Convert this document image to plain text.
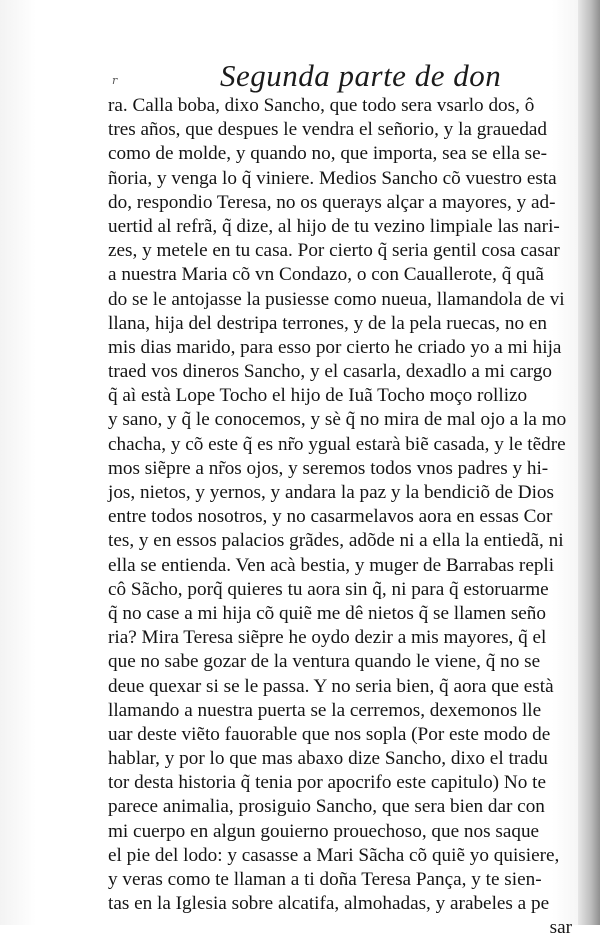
r	Segunda parte de don
ra. Calla boba, dixo Sancho, que todo sera vsarlo dos, ô
tres años, que despues le vendra el señorio, y la grauedad
como de molde, y quando no, que importa, sea se ella se-
ñoria, y venga lo q̃ viniere. Medios Sancho cõ vuestro esta
do, respondio Teresa, no os querays alçar a mayores, y ad-
uertid al refrã, q̃ dize, al hijo de tu vezino limpiale las nari-
zes, y metele en tu casa. Por cierto q̃ seria gentil cosa casar
a nuestra Maria cõ vn Condazo, o con Cauallerote, q̃ quã
do se le antojasse la pusiesse como nueua, llamandola de vi
llana, hija del destripa terrones, y de la pela ruecas, no en
mis dias marido, para esso por cierto he criado yo a mi hija
traed vos dineros Sancho, y el casarla, dexadlo a mi cargo
q̃ aì està Lope Tocho el hijo de Iuã Tocho moço rollizo
y sano, y q̃ le conocemos, y sè q̃ no mira de mal ojo a la mo
chacha, y cõ este q̃ es nr̃o ygual estarà biẽ casada, y le tẽdre
mos siẽpre a nr̃os ojos, y seremos todos vnos padres y hi-
jos, nietos, y yernos, y andara la paz y la bendiciõ de Dios
entre todos nosotros, y no casarmelavos aora en essas Cor
tes, y en essos palacios grãdes, adõde ni a ella la entiedã, ni
ella se entienda. Ven acà bestia, y muger de Barrabas repli
cô Sãcho, porq̃ quieres tu aora sin q̃, ni para q̃ estoruarme
q̃ no case a mi hija cõ quiẽ me dê nietos q̃ se llamen seño
ria? Mira Teresa siẽpre he oydo dezir a mis mayores, q̃ el
que no sabe gozar de la ventura quando le viene, q̃ no se
deue quexar si se le passa. Y no seria bien, q̃ aora que està
llamando a nuestra puerta se la cerremos, dexemonos lle
uar deste viẽto fauorable que nos sopla (Por este modo de
hablar, y por lo que mas abaxo dize Sancho, dixo el tradu
tor desta historia q̃ tenia por apocrifo este capitulo) No te
parece animalia, prosiguio Sancho, que sera bien dar con
mi cuerpo en algun gouierno prouechoso, que nos saque
el pie del lodo: y casasse a Mari Sãcha cõ quiẽ yo quisiere,
y veras como te llaman a ti doña Teresa Pança, y te sien-
tas en la Iglesia sobre alcatifa, almohadas, y arabeles a pe
sar
